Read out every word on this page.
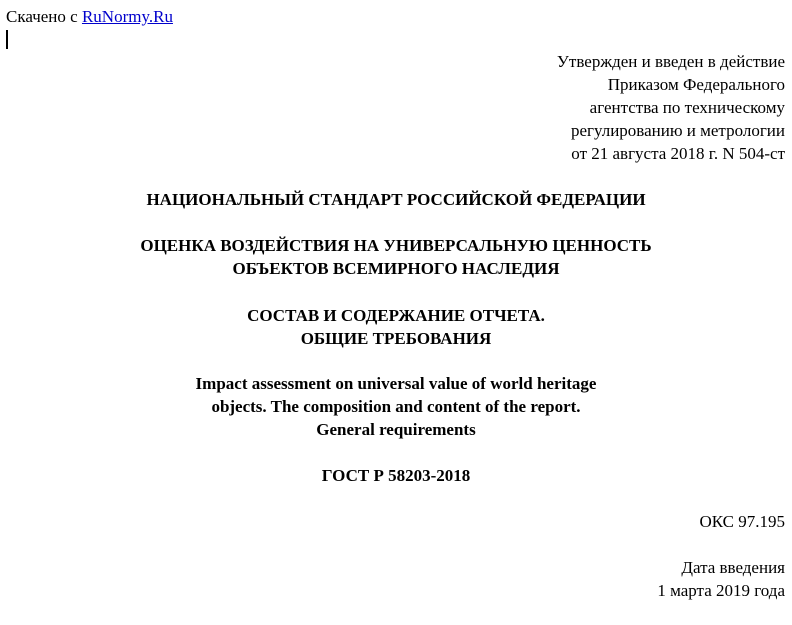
Скачено с RuNormy.Ru
Утвержден и введен в действие
Приказом Федерального
агентства по техническому
регулированию и метрологии
от 21 августа 2018 г. N 504-ст
НАЦИОНАЛЬНЫЙ СТАНДАРТ РОССИЙСКОЙ ФЕДЕРАЦИИ
ОЦЕНКА ВОЗДЕЙСТВИЯ НА УНИВЕРСАЛЬНУЮ ЦЕННОСТЬ
ОБЪЕКТОВ ВСЕМИРНОГО НАСЛЕДИЯ
СОСТАВ И СОДЕРЖАНИЕ ОТЧЕТА.
ОБЩИЕ ТРЕБОВАНИЯ
Impact assessment on universal value of world heritage
objects. The composition and content of the report.
General requirements
ГОСТ Р 58203-2018
ОКС 97.195
Дата введения
1 марта 2019 года
